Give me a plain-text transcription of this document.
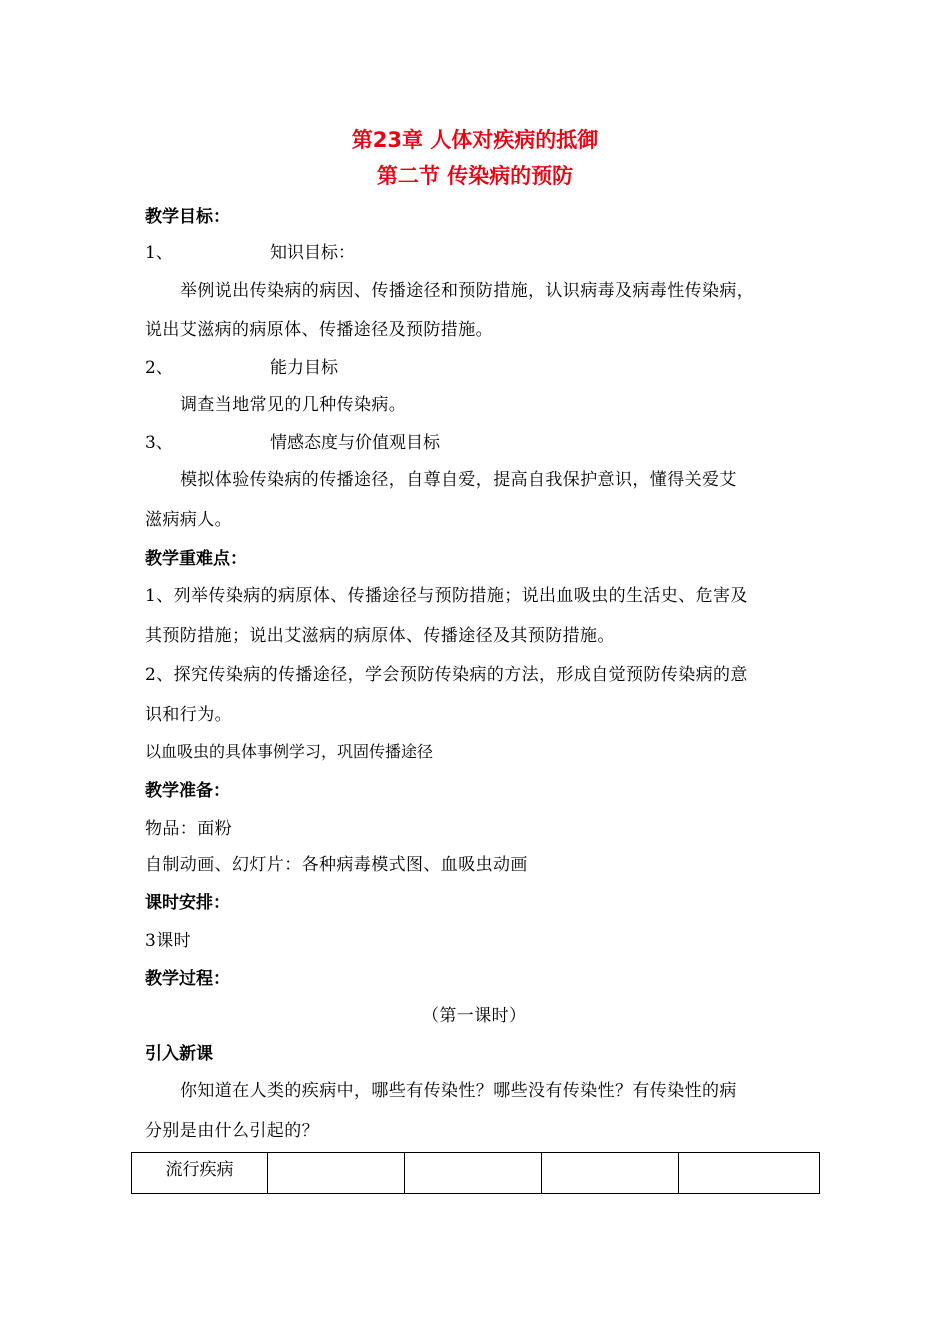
第23章 人体对疾病的抵御
第二节 传染病的预防
教学目标：
1、	知识目标：
举例说出传染病的病因、传播途径和预防措施，认识病毒及病毒性传染病，
说出艾滋病的病原体、传播途径及预防措施。
2、	能力目标
调查当地常见的几种传染病。
3、	情感态度与价值观目标
模拟体验传染病的传播途径，自尊自爱，提高自我保护意识，懂得关爱艾
滋病病人。
教学重难点：
1、列举传染病的病原体、传播途径与预防措施；说出血吸虫的生活史、危害及
其预防措施；说出艾滋病的病原体、传播途径及其预防措施。
2、探究传染病的传播途径，学会预防传染病的方法，形成自觉预防传染病的意
识和行为。
以血吸虫的具体事例学习，巩固传播途径
教学准备：
物品：面粉
自制动画、幻灯片：各种病毒模式图、血吸虫动画
课时安排：
3课时
教学过程：
（第一课时）
引入新课
你知道在人类的疾病中，哪些有传染性？哪些没有传染性？有传染性的病
分别是由什么引起的？
流行疾病				
